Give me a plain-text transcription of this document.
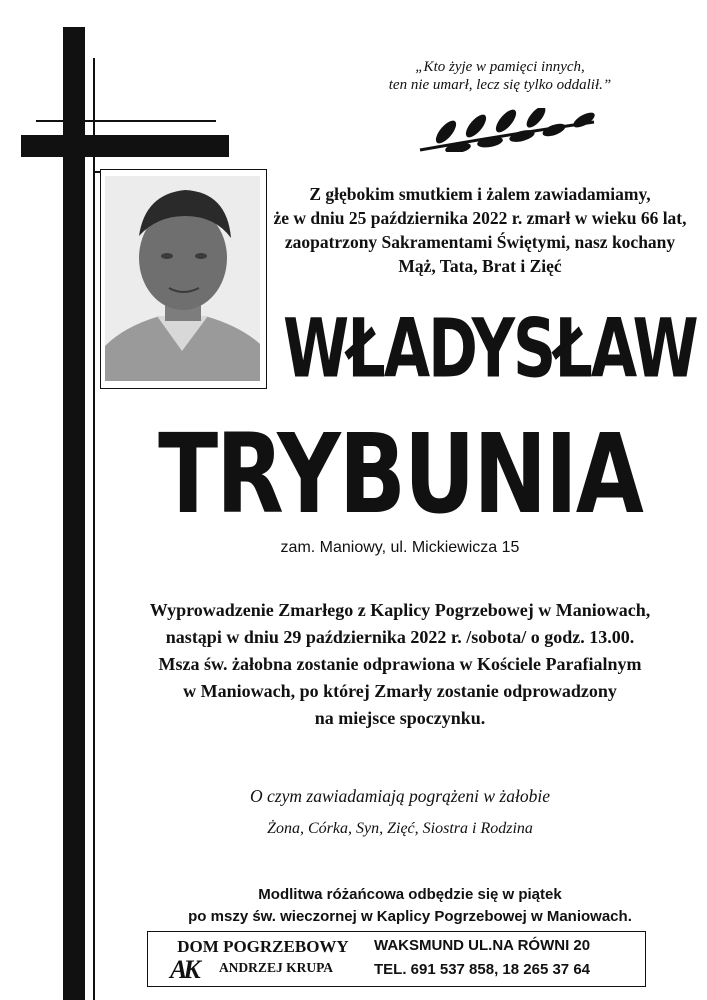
„Kto żyje w pamięci innych,
ten nie umarł, lecz się tylko oddalił.”
Z głębokim smutkiem i żalem zawiadamiamy,
że w dniu 25 października 2022 r. zmarł w wieku 66 lat,
zaopatrzony Sakramentami Świętymi, nasz kochany
Mąż, Tata, Brat i Zięć
WŁADYSŁAW
TRYBUNIA
zam. Maniowy, ul. Mickiewicza 15
Wyprowadzenie Zmarłego z Kaplicy Pogrzebowej w Maniowach,
nastąpi w dniu 29 października 2022 r. /sobota/ o godz. 13.00.
Msza św. żałobna zostanie odprawiona w Kościele Parafialnym
w Maniowach, po której Zmarły zostanie odprowadzony
na miejsce spoczynku.
O czym zawiadamiają pogrążeni w żałobie
Żona, Córka, Syn, Zięć, Siostra i Rodzina
Modlitwa różańcowa odbędzie się w piątek
po mszy św. wieczornej w Kaplicy Pogrzebowej w Maniowach.
DOM POGRZEBOWY
AK	ANDRZEJ KRUPA
WAKSMUND UL.NA RÓWNI 20
TEL. 691 537 858, 18 265 37 64
